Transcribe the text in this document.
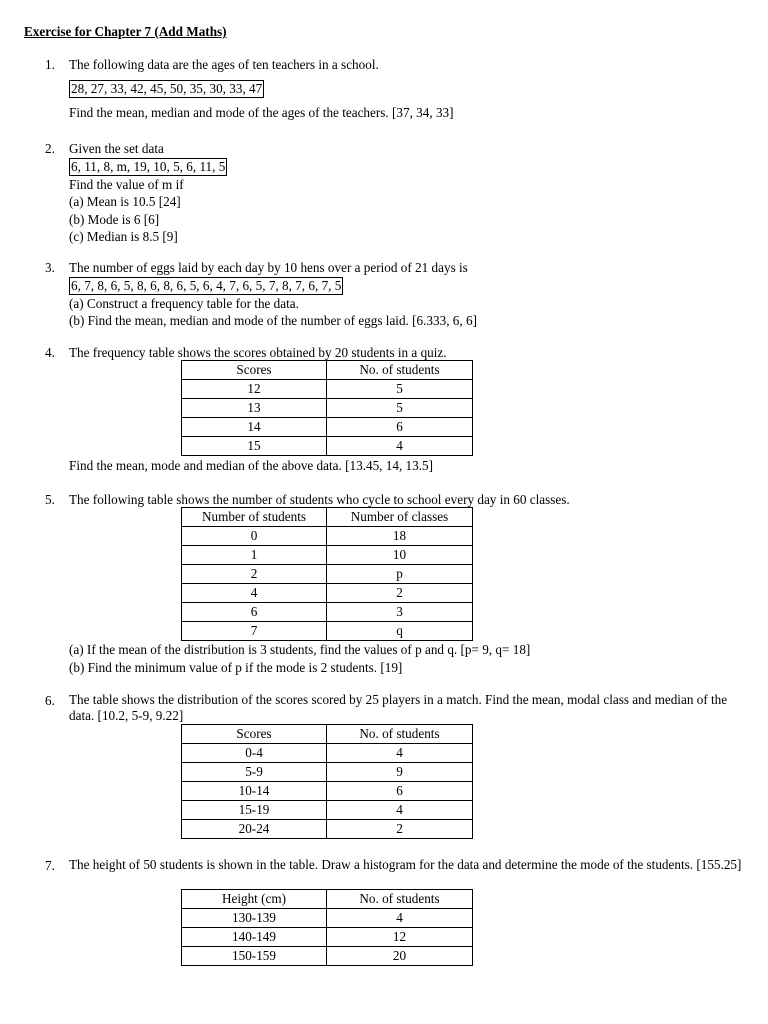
Exercise for Chapter 7 (Add Maths)
1. The following data are the ages of ten teachers in a school.
28, 27, 33, 42, 45, 50, 35, 30, 33, 47
Find the mean, median and mode of the ages of the teachers. [37, 34, 33]
2. Given the set data
6, 11, 8, m, 19, 10, 5, 6, 11, 5
Find the value of m if
(a) Mean is 10.5 [24]
(b) Mode is 6 [6]
(c) Median is 8.5 [9]
3. The number of eggs laid by each day by 10 hens over a period of 21 days is
6, 7, 8, 6, 5, 8, 6, 8, 6, 5, 6, 4, 7, 6, 5, 7, 8, 7, 6, 7, 5
(a) Construct a frequency table for the data.
(b) Find the mean, median and mode of the number of eggs laid. [6.333, 6, 6]
4. The frequency table shows the scores obtained by 20 students in a quiz.
Scores	No. of students
12	5
13	5
14	6
15	4
Find the mean, mode and median of the above data. [13.45, 14, 13.5]
5. The following table shows the number of students who cycle to school every day in 60 classes.
Number of students	Number of classes
0	18
1	10
2	p
4	2
6	3
7	q
(a) If the mean of the distribution is 3 students, find the values of p and q. [p= 9, q= 18]
(b) Find the minimum value of p if the mode is 2 students. [19]
6. The table shows the distribution of the scores scored by 25 players in a match. Find the mean, modal class and median of the data. [10.2, 5-9, 9.22]
Scores	No. of students
0-4	4
5-9	9
10-14	6
15-19	4
20-24	2
7. The height of 50 students is shown in the table. Draw a histogram for the data and determine the mode of the students. [155.25]
Height (cm)	No. of students
130-139	4
140-149	12
150-159	20
